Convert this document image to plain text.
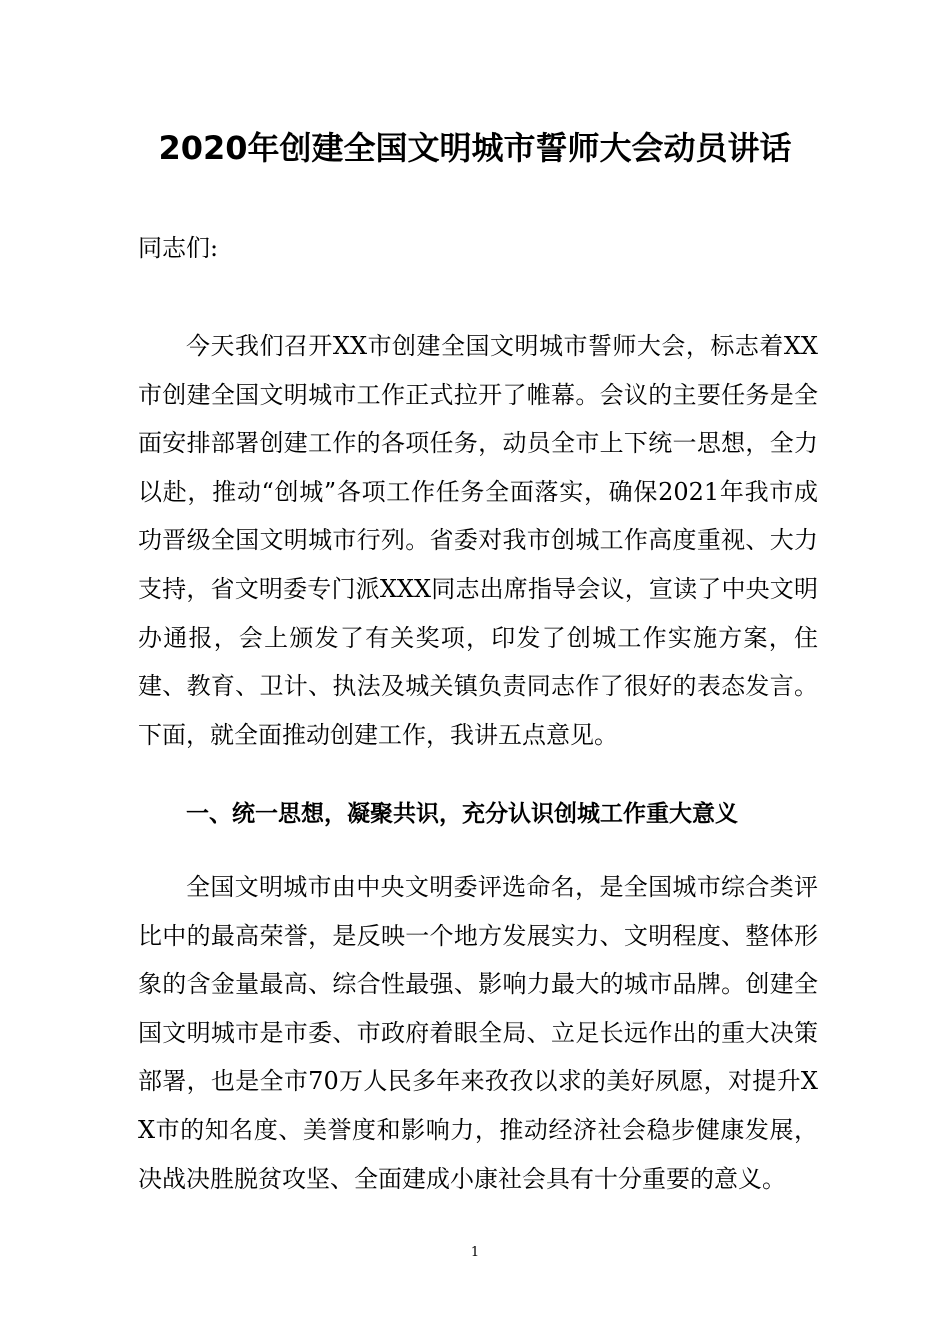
2020年创建全国文明城市誓师大会动员讲话

同志们:

今天我们召开XX市创建全国文明城市誓师大会，标志着XX市创建全国文明城市工作正式拉开了帷幕。会议的主要任务是全面安排部署创建工作的各项任务，动员全市上下统一思想，全力以赴，推动“创城”各项工作任务全面落实，确保2021年我市成功晋级全国文明城市行列。省委对我市创城工作高度重视、大力支持，省文明委专门派XXX同志出席指导会议，宣读了中央文明办通报，会上颁发了有关奖项，印发了创城工作实施方案，住建、教育、卫计、执法及城关镇负责同志作了很好的表态发言。下面，就全面推动创建工作，我讲五点意见。

一、统一思想，凝聚共识，充分认识创城工作重大意义

全国文明城市由中央文明委评选命名，是全国城市综合类评比中的最高荣誉，是反映一个地方发展实力、文明程度、整体形象的含金量最高、综合性最强、影响力最大的城市品牌。创建全国文明城市是市委、市政府着眼全局、立足长远作出的重大决策部署，也是全市70万人民多年来孜孜以求的美好夙愿，对提升XX市的知名度、美誉度和影响力，推动经济社会稳步健康发展，决战决胜脱贫攻坚、全面建成小康社会具有十分重要的意义。

1
